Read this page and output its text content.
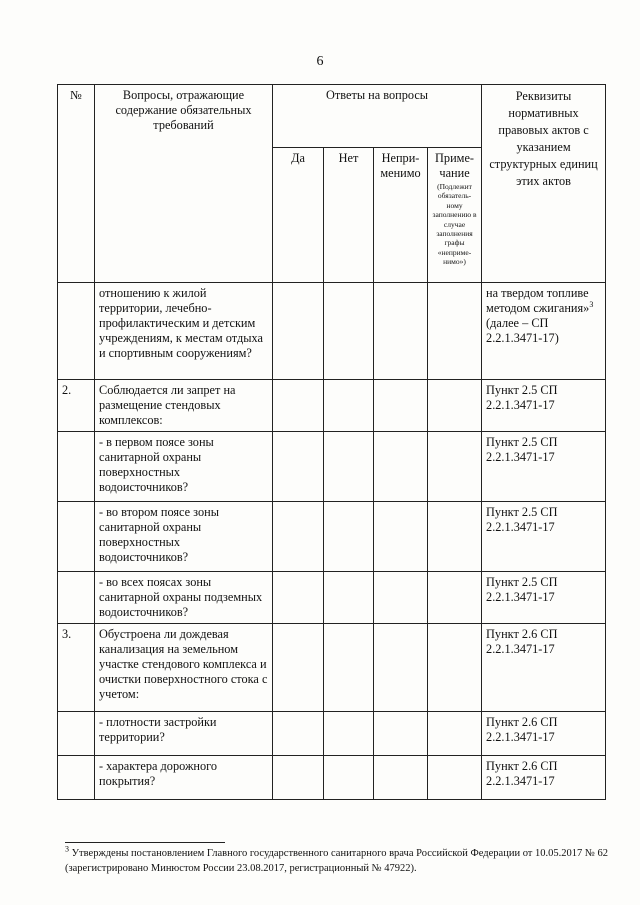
6
№	Вопросы, отражающие содержание обязательных требований	Ответы на вопросы				Реквизиты нормативных правовых актов с указанием структурных единиц этих актов
		Да	Нет	Непри-менимо	Приме-чание
(Подлежит обязатель-ному заполнению в случае заполнения графы «неприме-нимо»)	

	отношению к жилой территории, лечебно-профилактическим и детским учреждениям, к местам отдыха и спортивным сооружениям?					на твердом топливе методом сжигания»$^3$ (далее – СП 2.2.1.3471-17)
2.	Соблюдается ли запрет на размещение стендовых комплексов:					Пункт 2.5 СП 2.2.1.3471-17
	- в первом поясе зоны санитарной охраны поверхностных водоисточников?					Пункт 2.5 СП 2.2.1.3471-17
	- во втором поясе зоны санитарной охраны поверхностных водоисточников?					Пункт 2.5 СП 2.2.1.3471-17
	- во всех поясах зоны санитарной охраны подземных водоисточников?					Пункт 2.5 СП 2.2.1.3471-17
3.	Обустроена ли дождевая канализация на земельном участке стендового комплекса и очистки поверхностного стока с учетом:					Пункт 2.6 СП 2.2.1.3471-17
	- плотности застройки территории?					Пункт 2.6 СП 2.2.1.3471-17
	- характера дорожного покрытия?					Пункт 2.6 СП 2.2.1.3471-17
$^3$ Утверждены постановлением Главного государственного санитарного врача Российской Федерации от 10.05.2017 № 62 (зарегистрировано Минюстом России 23.08.2017, регистрационный № 47922).
